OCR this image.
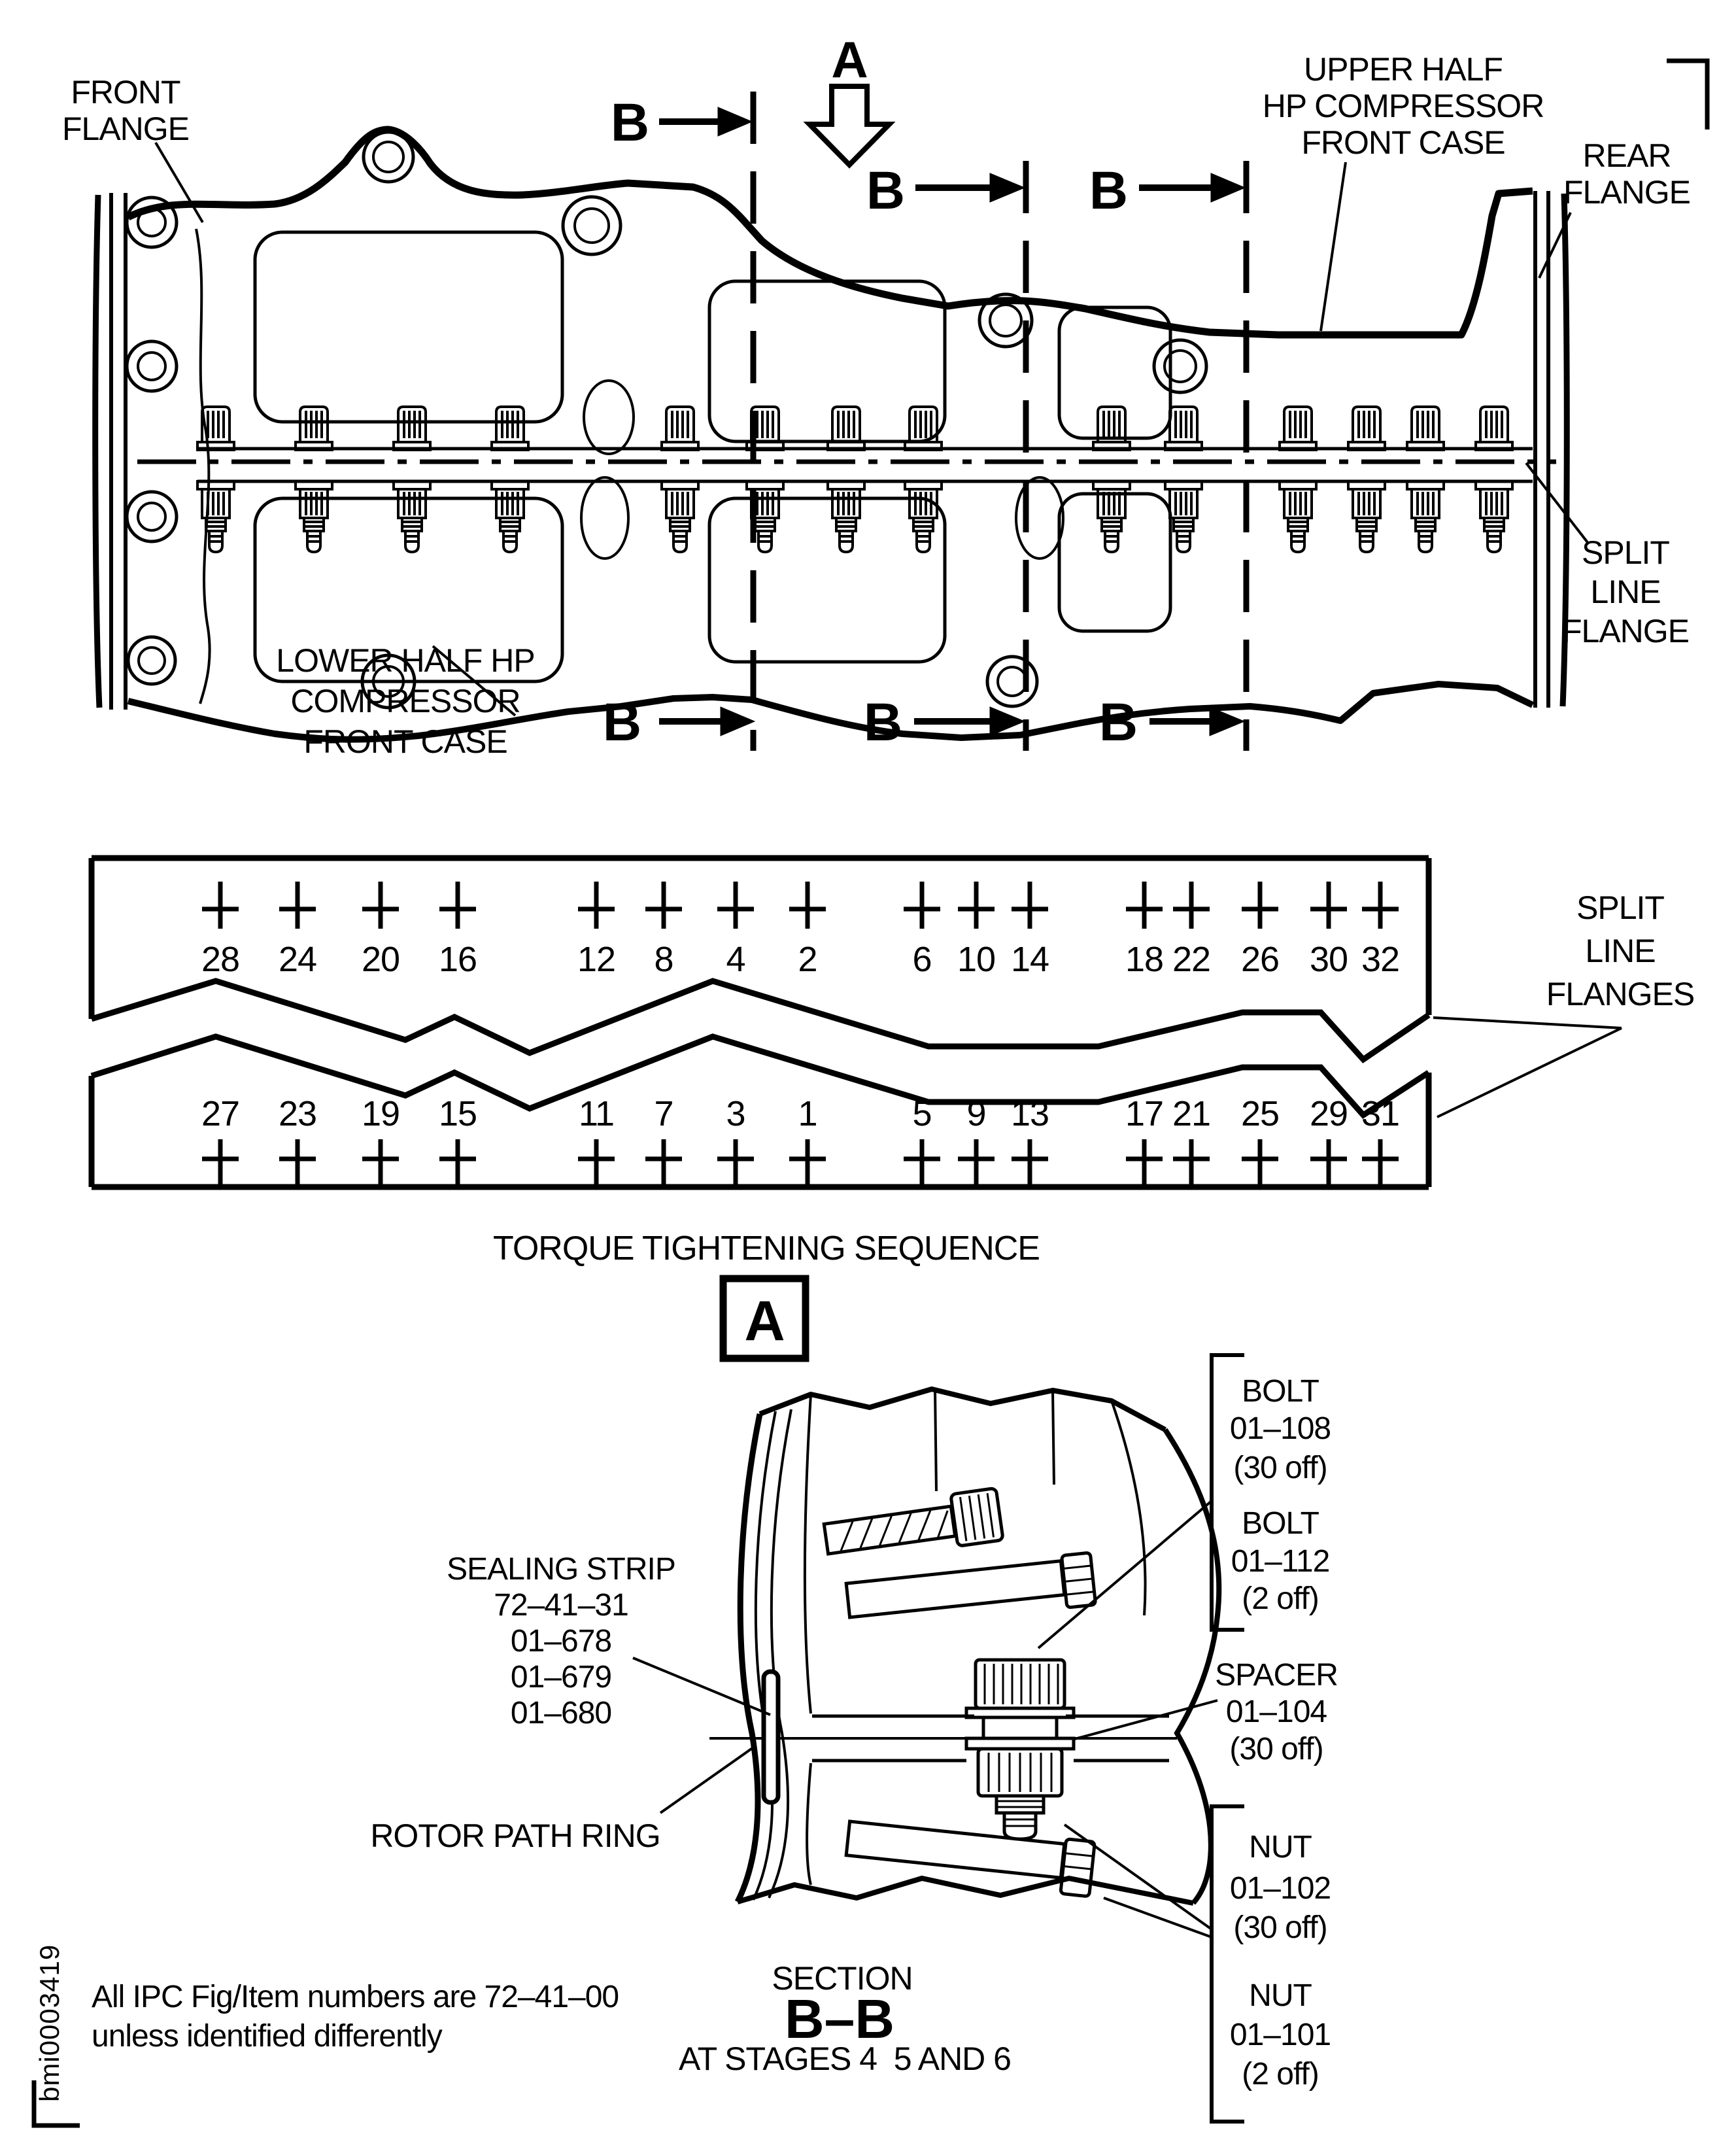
FRONT
FLANGE
UPPER HALF
HP COMPRESSOR
FRONT CASE	REAR
FLANGE
SPLIT
LINE
FLANGE
LOWER HALF HP
COMPRESSOR
FRONT CASE
B
B	B
B	B	B
A
28 24 20 16	12 8 4 2	6 10 14 18 22 26 30 32
27 23 19 15	11 7 3 1	5 9 13 17 21 25 29 31
SPLIT
LINE
FLANGES
TORQUE TIGHTENING SEQUENCE
A
SEALING STRIP
72–41–31
01–678
01–679
01–680
ROTOR PATH RING
BOLT
01–108
(30 off)
BOLT
01–112
(2 off)
SPACER
01–104
(30 off)
NUT
01–102
(30 off)
NUT
01–101
(2 off)
SECTION
B–B
AT STAGES 4  5 AND 6
All IPC Fig/Item numbers are 72–41–00
unless identified differently
bmi0003419
